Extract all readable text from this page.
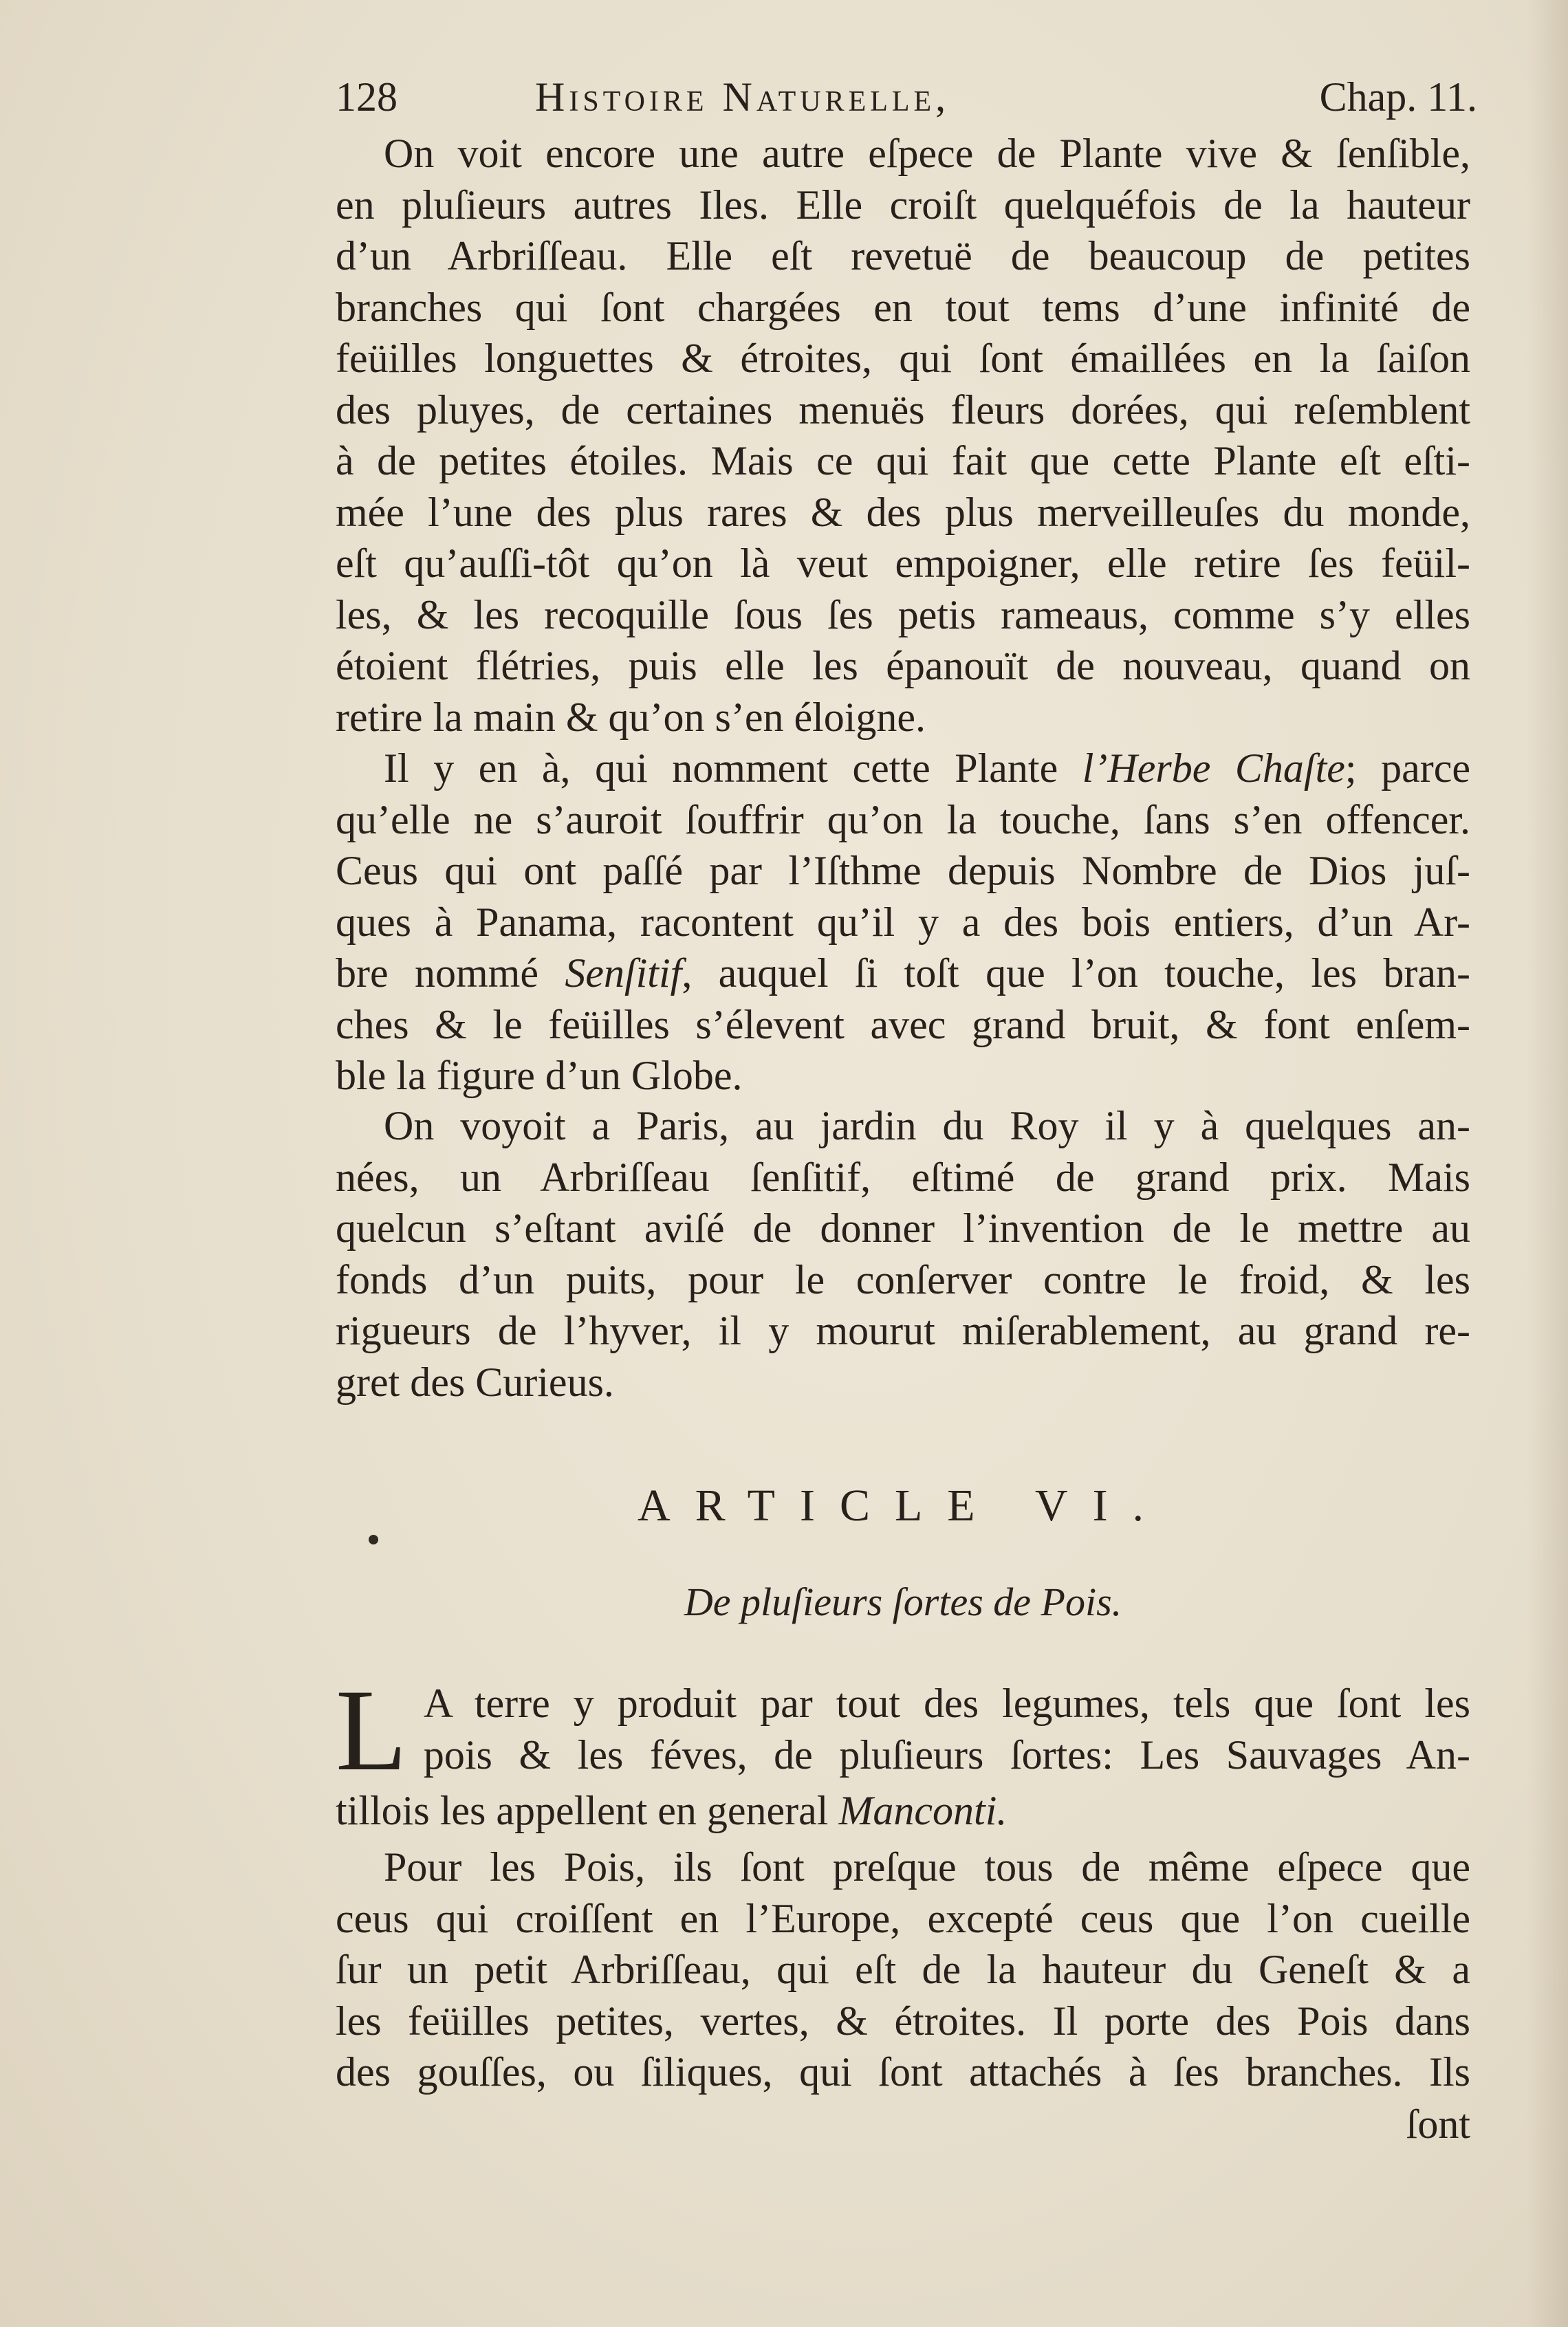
128	Histoire Naturelle,	Chap. 11.
On voit encore une autre eſpece de Plante vive & ſenſible,
en pluſieurs autres Iles. Elle croiſt quelquéfois de la hauteur
d’un Arbriſſeau. Elle eſt revetuë de beaucoup de petites
branches qui ſont chargées en tout tems d’une infinité de
feüilles longuettes & étroites, qui ſont émaillées en la ſaiſon
des pluyes, de certaines menuës fleurs dorées, qui reſemblent
à de petites étoiles. Mais ce qui fait que cette Plante eſt eſti-
mée l’une des plus rares & des plus merveilleuſes du monde,
eſt qu’auſſi-tôt qu’on là veut empoigner, elle retire ſes feüil-
les, & les recoquille ſous ſes petis rameaus, comme s’y elles
étoient flétries, puis elle les épanouït de nouveau, quand on
retire la main & qu’on s’en éloigne.
Il y en à, qui nomment cette Plante l’Herbe Chaſte; parce
qu’elle ne s’auroit ſouffrir qu’on la touche, ſans s’en offencer.
Ceus qui ont paſſé par l’Iſthme depuis Nombre de Dios juſ-
ques à Panama, racontent qu’il y a des bois entiers, d’un Ar-
bre nommé Senſitif, auquel ſi toſt que l’on touche, les bran-
ches & le feüilles s’élevent avec grand bruit, & font enſem-
ble la figure d’un Globe.
On voyoit a Paris, au jardin du Roy il y à quelques an-
nées, un Arbriſſeau ſenſitif, eſtimé de grand prix. Mais
quelcun s’eſtant aviſé de donner l’invention de le mettre au
fonds d’un puits, pour le conſerver contre le froid, & les
rigueurs de l’hyver, il y mourut miſerablement, au grand re-
gret des Curieus.
ARTICLE VI.
De pluſieurs ſortes de Pois.
L A terre y produit par tout des legumes, tels que ſont les
pois & les féves, de pluſieurs ſortes: Les Sauvages An-
tillois les appellent en general Manconti.
Pour les Pois, ils ſont preſque tous de même eſpece que
ceus qui croiſſent en l’Europe, excepté ceus que l’on cueille
ſur un petit Arbriſſeau, qui eſt de la hauteur du Geneſt & a
les feüilles petites, vertes, & étroites. Il porte des Pois dans
des gouſſes, ou ſiliques, qui ſont attachés à ſes branches. Ils
ſont
